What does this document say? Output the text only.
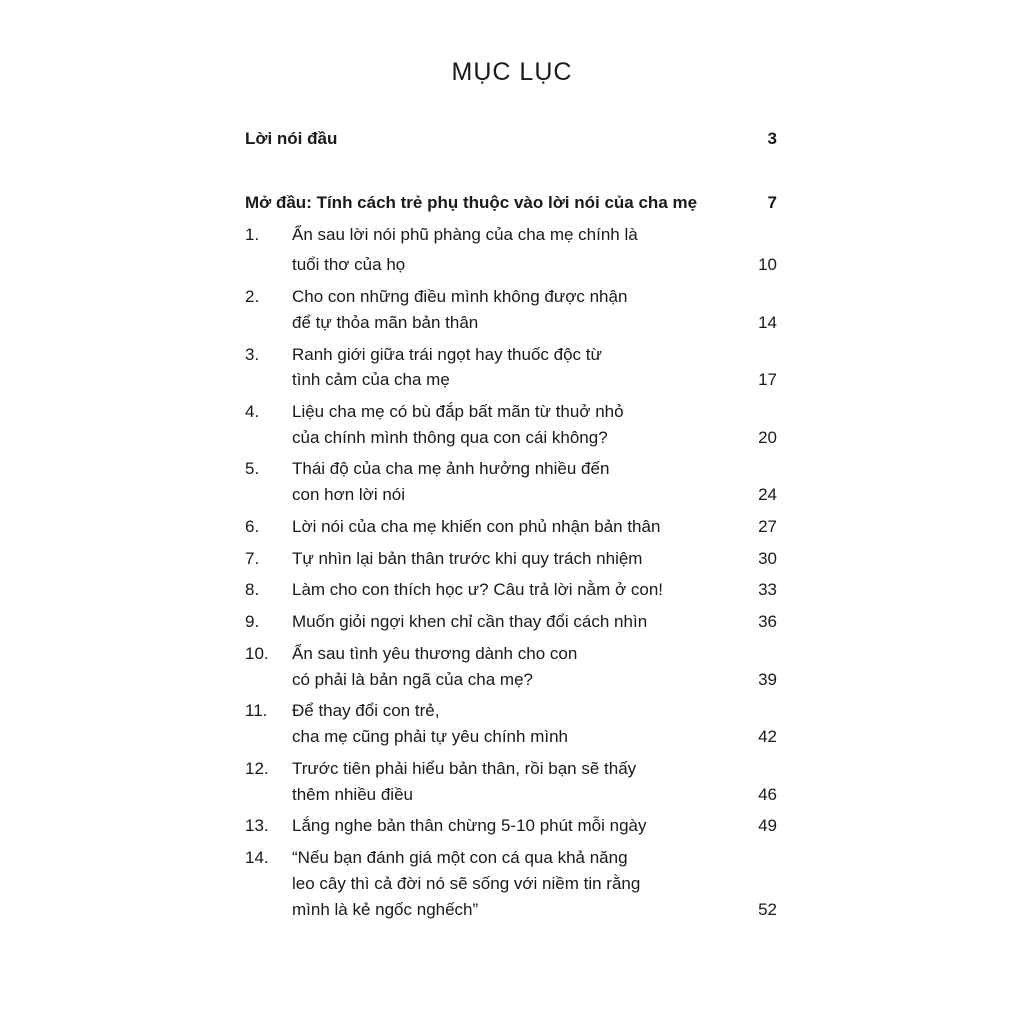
MỤC LỤC
Lời nói đầu	3
Mở đầu: Tính cách trẻ phụ thuộc vào lời nói của cha mẹ	7
1. Ẩn sau lời nói phũ phàng của cha mẹ chính là
tuổi thơ của họ	10
2. Cho con những điều mình không được nhận
để tự thỏa mãn bản thân	14
3. Ranh giới giữa trái ngọt hay thuốc độc từ
tình cảm của cha mẹ	17
4. Liệu cha mẹ có bù đắp bất mãn từ thuở nhỏ
của chính mình thông qua con cái không?	20
5. Thái độ của cha mẹ ảnh hưởng nhiều đến
con hơn lời nói	24
6. Lời nói của cha mẹ khiến con phủ nhận bản thân	27
7. Tự nhìn lại bản thân trước khi quy trách nhiệm	30
8. Làm cho con thích học ư? Câu trả lời nằm ở con!	33
9. Muốn giỏi ngợi khen chỉ cần thay đổi cách nhìn	36
10. Ẩn sau tình yêu thương dành cho con
có phải là bản ngã của cha mẹ?	39
11. Để thay đổi con trẻ,
cha mẹ cũng phải tự yêu chính mình	42
12. Trước tiên phải hiểu bản thân, rồi bạn sẽ thấy
thêm nhiều điều	46
13. Lắng nghe bản thân chừng 5-10 phút mỗi ngày	49
14. “Nếu bạn đánh giá một con cá qua khả năng
leo cây thì cả đời nó sẽ sống với niềm tin rằng
mình là kẻ ngốc nghếch”	52
